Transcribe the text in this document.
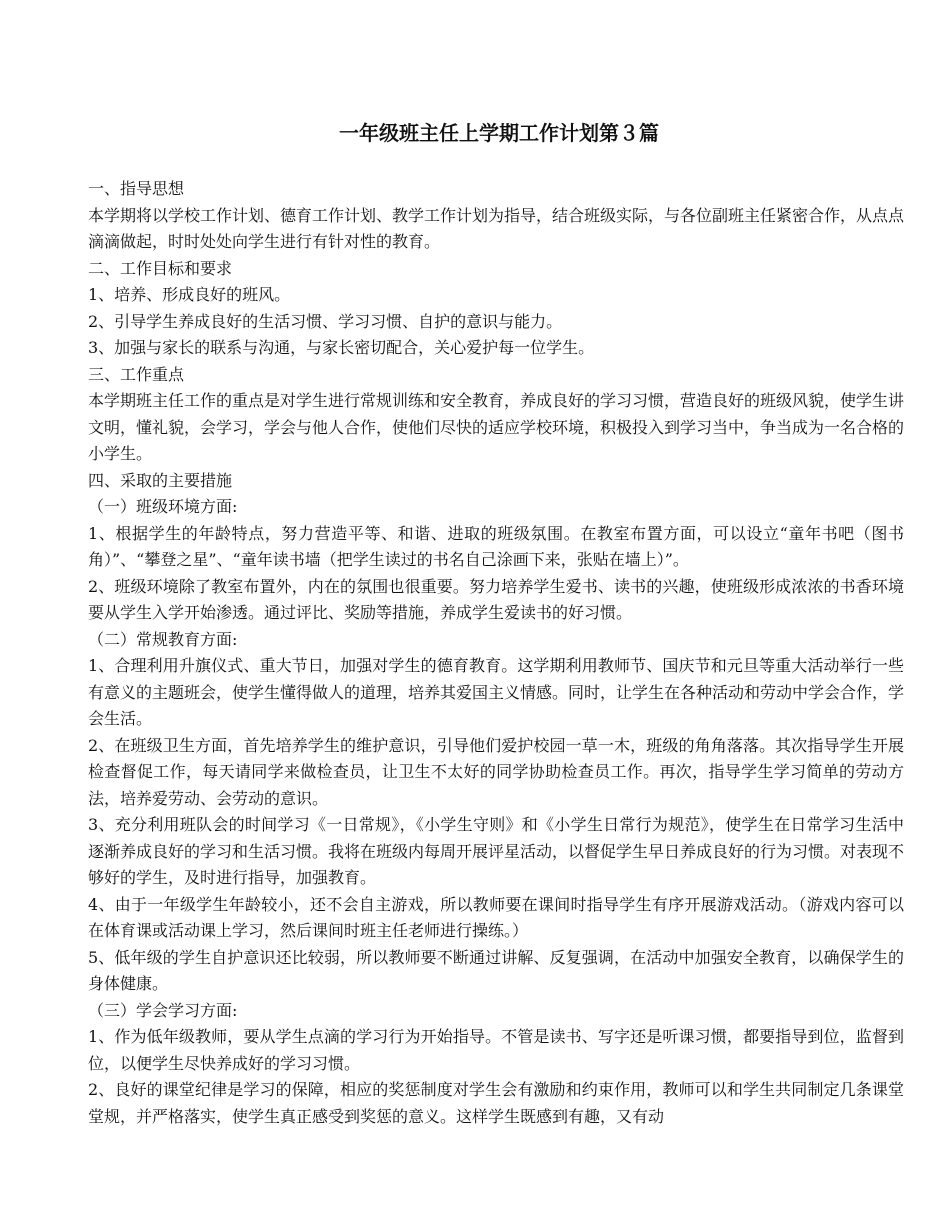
一年级班主任上学期工作计划第３篇

一、指导思想

本学期将以学校工作计划、德育工作计划、教学工作计划为指导，结合班级实际，与各位副班主任紧密合作，从点点滴滴做起，时时处处向学生进行有针对性的教育。

二、工作目标和要求

1、培养、形成良好的班风。

2、引导学生养成良好的生活习惯、学习习惯、自护的意识与能力。

3、加强与家长的联系与沟通，与家长密切配合，关心爱护每一位学生。

三、工作重点

本学期班主任工作的重点是对学生进行常规训练和安全教育，养成良好的学习习惯，营造良好的班级风貌，使学生讲文明，懂礼貌，会学习，学会与他人合作，使他们尽快的适应学校环境，积极投入到学习当中，争当成为一名合格的小学生。

四、采取的主要措施

（一）班级环境方面:

1、根据学生的年龄特点，努力营造平等、和谐、进取的班级氛围。在教室布置方面，可以设立“童年书吧（图书角）”、“攀登之星”、“童年读书墙（把学生读过的书名自己涂画下来，张贴在墙上）”。

2、班级环境除了教室布置外，内在的氛围也很重要。努力培养学生爱书、读书的兴趣，使班级形成浓浓的书香环境要从学生入学开始渗透。通过评比、奖励等措施，养成学生爱读书的好习惯。

（二）常规教育方面:

1、合理利用升旗仪式、重大节日，加强对学生的德育教育。这学期利用教师节、国庆节和元旦等重大活动举行一些有意义的主题班会，使学生懂得做人的道理，培养其爱国主义情感。同时，让学生在各种活动和劳动中学会合作，学会生活。

2、在班级卫生方面，首先培养学生的维护意识，引导他们爱护校园一草一木，班级的角角落落。其次指导学生开展检查督促工作，每天请同学来做检查员，让卫生不太好的同学协助检查员工作。再次，指导学生学习简单的劳动方法，培养爱劳动、会劳动的意识。

3、充分利用班队会的时间学习《一日常规》，《小学生守则》和《小学生日常行为规范》，使学生在日常学习生活中逐渐养成良好的学习和生活习惯。我将在班级内每周开展评星活动，以督促学生早日养成良好的行为习惯。对表现不够好的学生，及时进行指导，加强教育。

4、由于一年级学生年龄较小，还不会自主游戏，所以教师要在课间时指导学生有序开展游戏活动。（游戏内容可以在体育课或活动课上学习，然后课间时班主任老师进行操练。）

5、低年级的学生自护意识还比较弱，所以教师要不断通过讲解、反复强调，在活动中加强安全教育，以确保学生的身体健康。

（三）学会学习方面:

1、作为低年级教师，要从学生点滴的学习行为开始指导。不管是读书、写字还是听课习惯，都要指导到位，监督到位，以便学生尽快养成好的学习习惯。

2、良好的课堂纪律是学习的保障，相应的奖惩制度对学生会有激励和约束作用，教师可以和学生共同制定几条课堂堂规，并严格落实，使学生真正感受到奖惩的意义。这样学生既感到有趣，又有动
